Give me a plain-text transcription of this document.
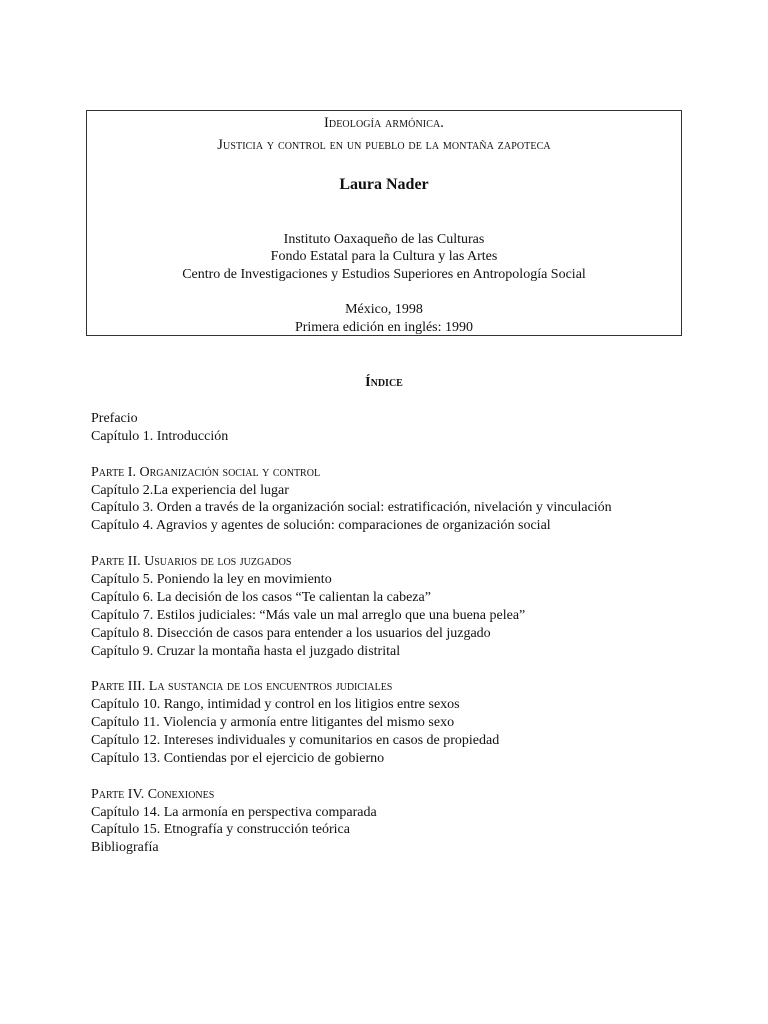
Ideología armónica.
Justicia y control en un pueblo de la montaña zapoteca
Laura Nader
Instituto Oaxaqueño de las Culturas
Fondo Estatal para la Cultura y las Artes
Centro de Investigaciones y Estudios Superiores en Antropología Social
México, 1998
Primera edición en inglés: 1990
Índice
Prefacio
Capítulo 1. Introducción
Parte I. Organización social y control
Capítulo 2.La experiencia del lugar
Capítulo 3. Orden a través de la organización social: estratificación, nivelación y vinculación
Capítulo 4. Agravios y agentes de solución: comparaciones de organización social
Parte II. Usuarios de los juzgados
Capítulo 5. Poniendo la ley en movimiento
Capítulo 6. La decisión de los casos “Te calientan la cabeza”
Capítulo 7. Estilos judiciales: “Más vale un mal arreglo que una buena pelea”
Capítulo 8. Disección de casos para entender a los usuarios del juzgado
Capítulo 9. Cruzar la montaña hasta el juzgado distrital
Parte III. La sustancia de los encuentros judiciales
Capítulo 10. Rango, intimidad y control en los litigios entre sexos
Capítulo 11. Violencia y armonía entre litigantes del mismo sexo
Capítulo 12. Intereses individuales y comunitarios en casos de propiedad
Capítulo 13. Contiendas por el ejercicio de gobierno
Parte IV. Conexiones
Capítulo 14. La armonía en perspectiva comparada
Capítulo 15. Etnografía y construcción teórica
Bibliografía
